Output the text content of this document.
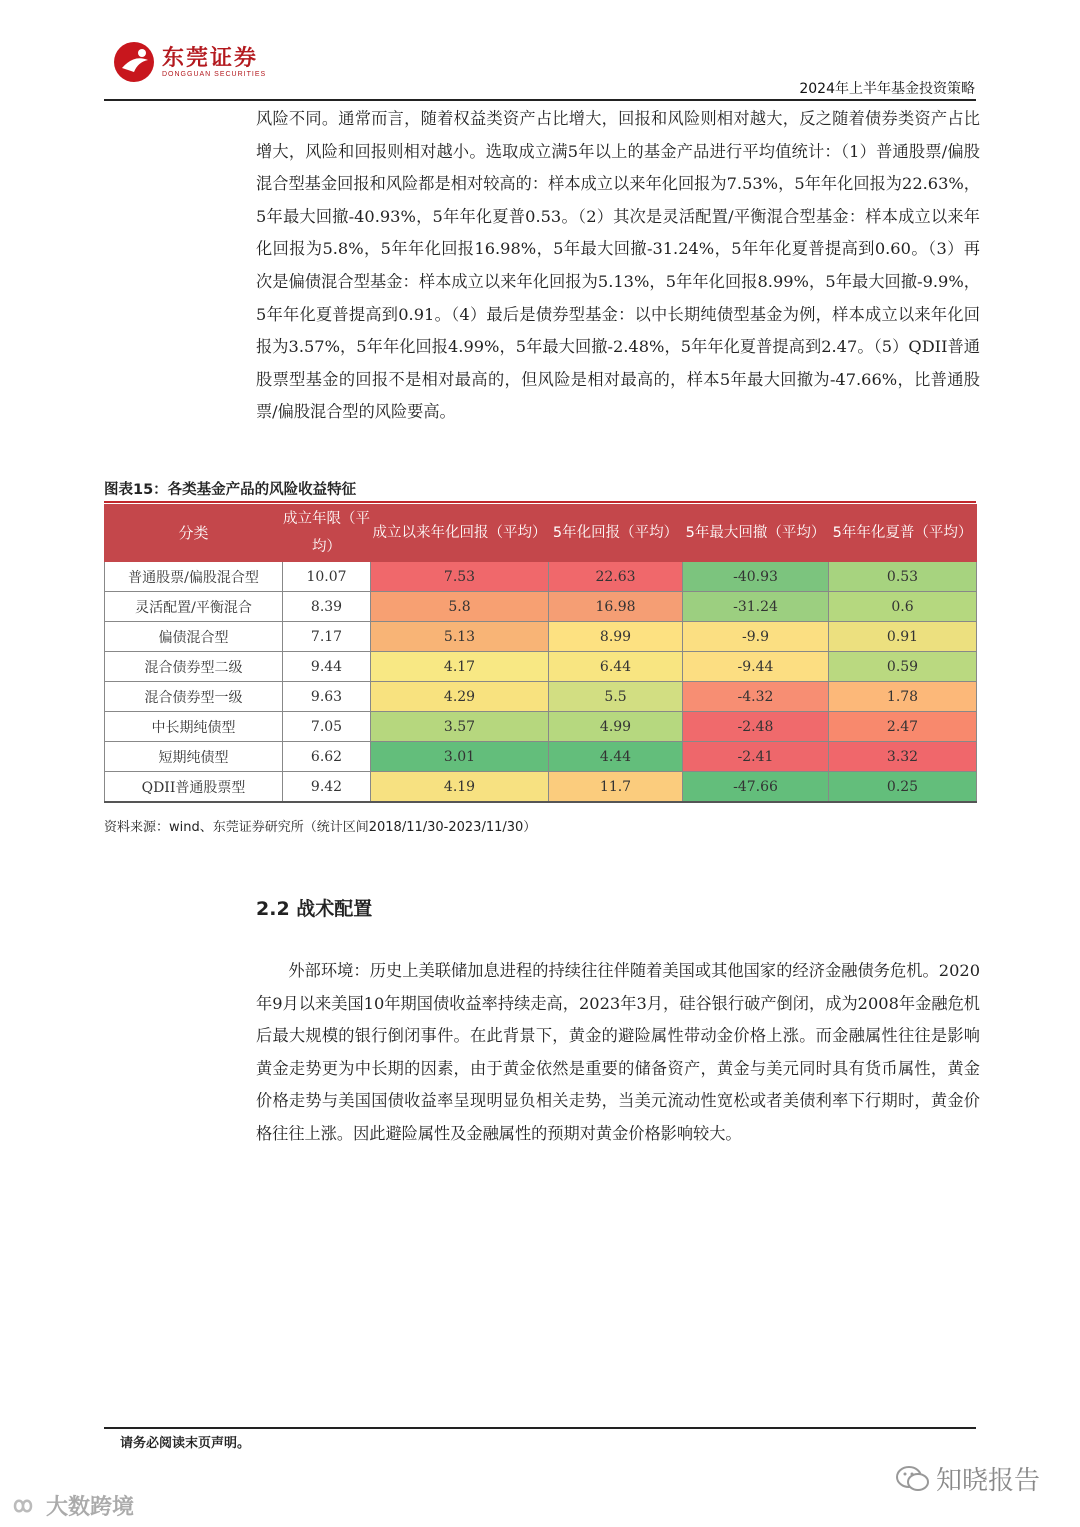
东莞证券
DONGGUAN SECURITIES
2024年上半年基金投资策略

风险不同。通常而言，随着权益类资产占比增大，回报和风险则相对越大，反之随着债券类资产占比增大，风险和回报则相对越小。选取成立满5年以上的基金产品进行平均值统计：（1）普通股票/偏股混合型基金回报和风险都是相对较高的：样本成立以来年化回报为7.53%，5年年化回报为22.63%，5年最大回撤-40.93%，5年年化夏普0.53。（2）其次是灵活配置/平衡混合型基金：样本成立以来年化回报为5.8%，5年年化回报16.98%，5年最大回撤-31.24%，5年年化夏普提高到0.60。（3）再次是偏债混合型基金：样本成立以来年化回报为5.13%，5年年化回报8.99%，5年最大回撤-9.9%，5年年化夏普提高到0.91。（4）最后是债券型基金：以中长期纯债型基金为例，样本成立以来年化回报为3.57%，5年年化回报4.99%，5年最大回撤-2.48%，5年年化夏普提高到2.47。（5）QDII普通股票型基金的回报不是相对最高的，但风险是相对最高的，样本5年最大回撤为-47.66%，比普通股票/偏股混合型的风险要高。

图表15：各类基金产品的风险收益特征
分类	成立年限（平均）	成立以来年化回报（平均）	5年化回报（平均）	5年最大回撤（平均）	5年年化夏普（平均）
普通股票/偏股混合型	10.07	7.53	22.63	-40.93	0.53
灵活配置/平衡混合	8.39	5.8	16.98	-31.24	0.6
偏债混合型	7.17	5.13	8.99	-9.9	0.91
混合债券型二级	9.44	4.17	6.44	-9.44	0.59
混合债券型一级	9.63	4.29	5.5	-4.32	1.78
中长期纯债型	7.05	3.57	4.99	-2.48	2.47
短期纯债型	6.62	3.01	4.44	-2.41	3.32
QDII普通股票型	9.42	4.19	11.7	-47.66	0.25
资料来源：wind、东莞证券研究所（统计区间2018/11/30-2023/11/30）
2.2 战术配置

外部环境：历史上美联储加息进程的持续往往伴随着美国或其他国家的经济金融债务危机。2020年9月以来美国10年期国债收益率持续走高，2023年3月，硅谷银行破产倒闭，成为2008年金融危机后最大规模的银行倒闭事件。在此背景下，黄金的避险属性带动金价格上涨。而金融属性往往是影响黄金走势更为中长期的因素，由于黄金依然是重要的储备资产，黄金与美元同时具有货币属性，黄金价格走势与美国国债收益率呈现明显负相关走势，当美元流动性宽松或者美债利率下行期时，黄金价格往往上涨。因此避险属性及金融属性的预期对黄金价格影响较大。

请务必阅读末页声明。
知晓报告
大数跨境
